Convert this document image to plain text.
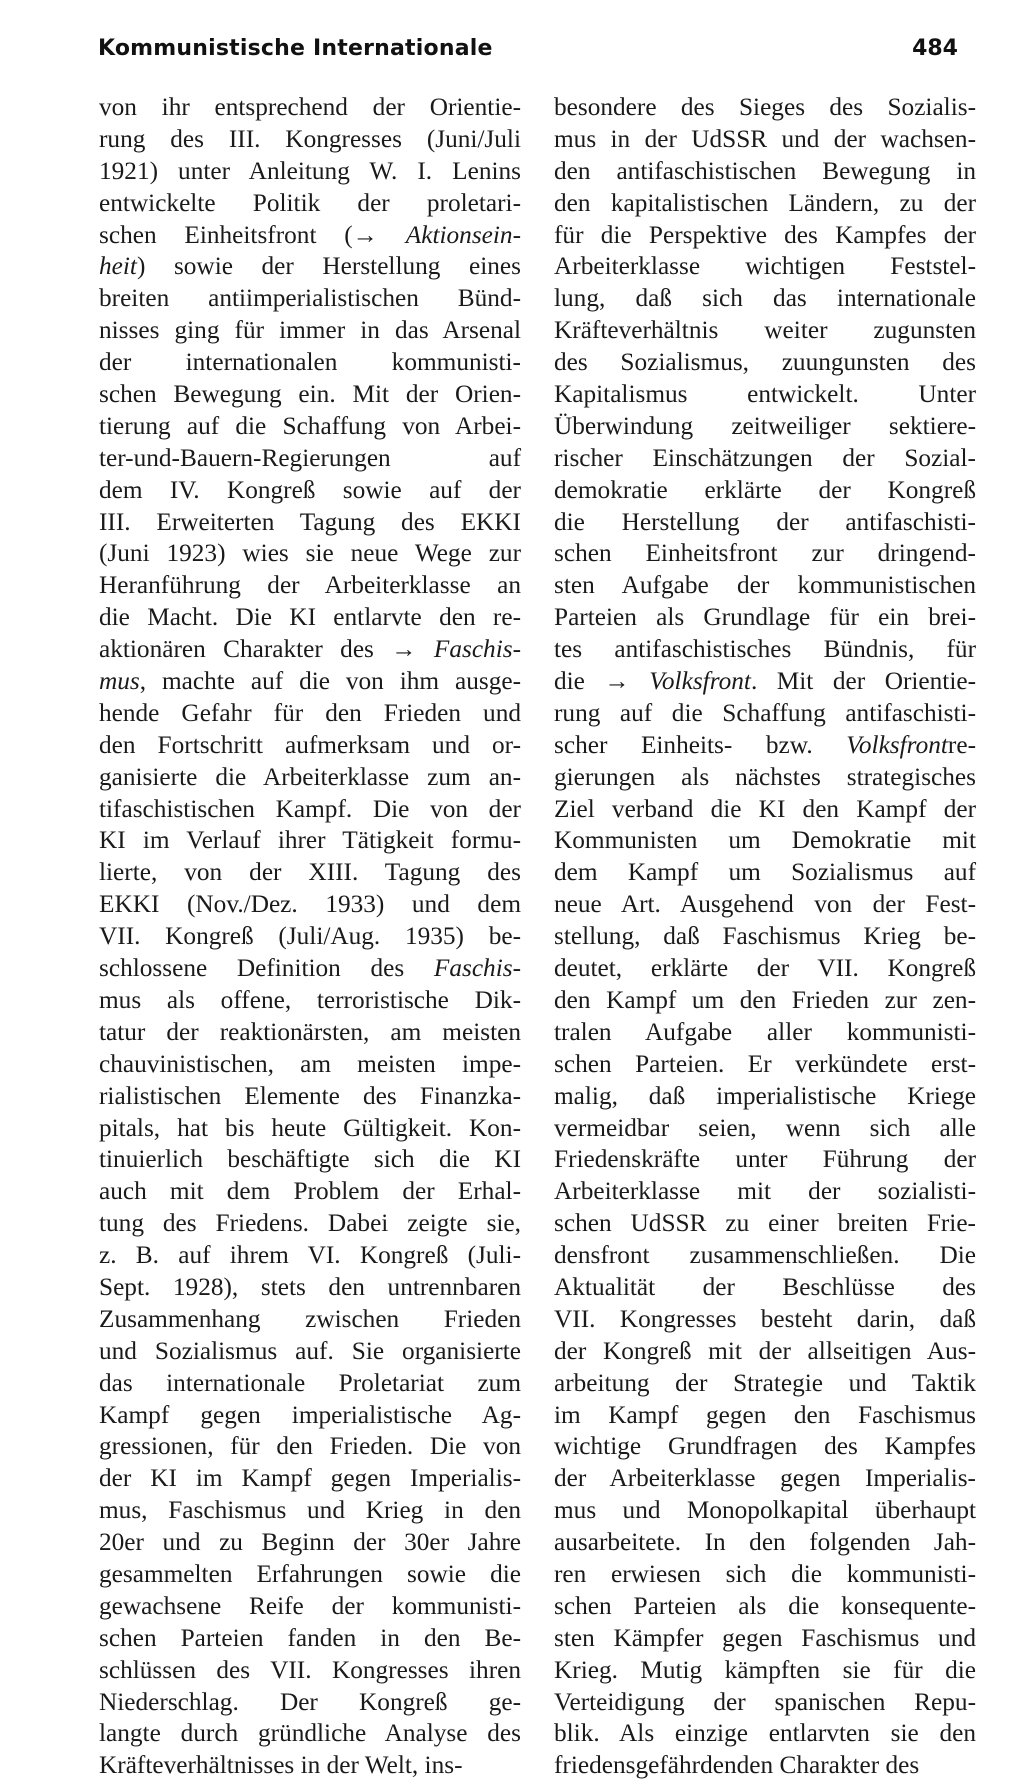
Kommunistische Internationale	484
von ihr entsprechend der Orientie-
rung des III. Kongresses (Juni/Juli
1921) unter Anleitung W. I. Lenins
entwickelte Politik der proletari-
schen Einheitsfront (→ Aktionsein-
heit) sowie der Herstellung eines
breiten antiimperialistischen Bünd-
nisses ging für immer in das Arsenal
der internationalen kommunisti-
schen Bewegung ein. Mit der Orien-
tierung auf die Schaffung von Arbei-
ter-und-Bauern-Regierungen auf
dem IV. Kongreß sowie auf der
III. Erweiterten Tagung des EKKI
(Juni 1923) wies sie neue Wege zur
Heranführung der Arbeiterklasse an
die Macht. Die KI entlarvte den re-
aktionären Charakter des → Faschis-
mus, machte auf die von ihm ausge-
hende Gefahr für den Frieden und
den Fortschritt aufmerksam und or-
ganisierte die Arbeiterklasse zum an-
tifaschistischen Kampf. Die von der
KI im Verlauf ihrer Tätigkeit formu-
lierte, von der XIII. Tagung des
EKKI (Nov./Dez. 1933) und dem
VII. Kongreß (Juli/Aug. 1935) be-
schlossene Definition des Faschis-
mus als offene, terroristische Dik-
tatur der reaktionärsten, am meisten
chauvinistischen, am meisten impe-
rialistischen Elemente des Finanzka-
pitals, hat bis heute Gültigkeit. Kon-
tinuierlich beschäftigte sich die KI
auch mit dem Problem der Erhal-
tung des Friedens. Dabei zeigte sie,
z. B. auf ihrem VI. Kongreß (Juli-
Sept. 1928), stets den untrennbaren
Zusammenhang zwischen Frieden
und Sozialismus auf. Sie organisierte
das internationale Proletariat zum
Kampf gegen imperialistische Ag-
gressionen, für den Frieden. Die von
der KI im Kampf gegen Imperialis-
mus, Faschismus und Krieg in den
20er und zu Beginn der 30er Jahre
gesammelten Erfahrungen sowie die
gewachsene Reife der kommunisti-
schen Parteien fanden in den Be-
schlüssen des VII. Kongresses ihren
Niederschlag. Der Kongreß ge-
langte durch gründliche Analyse des
Kräfteverhältnisses in der Welt, ins-
besondere des Sieges des Sozialis-
mus in der UdSSR und der wachsen-
den antifaschistischen Bewegung in
den kapitalistischen Ländern, zu der
für die Perspektive des Kampfes der
Arbeiterklasse wichtigen Feststel-
lung, daß sich das internationale
Kräfteverhältnis weiter zugunsten
des Sozialismus, zuungunsten des
Kapitalismus entwickelt. Unter
Überwindung zeitweiliger sektiere-
rischer Einschätzungen der Sozial-
demokratie erklärte der Kongreß
die Herstellung der antifaschisti-
schen Einheitsfront zur dringend-
sten Aufgabe der kommunistischen
Parteien als Grundlage für ein brei-
tes antifaschistisches Bündnis, für
die → Volksfront. Mit der Orientie-
rung auf die Schaffung antifaschisti-
scher Einheits- bzw. Volksfrontre-
gierungen als nächstes strategisches
Ziel verband die KI den Kampf der
Kommunisten um Demokratie mit
dem Kampf um Sozialismus auf
neue Art. Ausgehend von der Fest-
stellung, daß Faschismus Krieg be-
deutet, erklärte der VII. Kongreß
den Kampf um den Frieden zur zen-
tralen Aufgabe aller kommunisti-
schen Parteien. Er verkündete erst-
malig, daß imperialistische Kriege
vermeidbar seien, wenn sich alle
Friedenskräfte unter Führung der
Arbeiterklasse mit der sozialisti-
schen UdSSR zu einer breiten Frie-
densfront zusammenschließen. Die
Aktualität der Beschlüsse des
VII. Kongresses besteht darin, daß
der Kongreß mit der allseitigen Aus-
arbeitung der Strategie und Taktik
im Kampf gegen den Faschismus
wichtige Grundfragen des Kampfes
der Arbeiterklasse gegen Imperialis-
mus und Monopolkapital überhaupt
ausarbeitete. In den folgenden Jah-
ren erwiesen sich die kommunisti-
schen Parteien als die konsequente-
sten Kämpfer gegen Faschismus und
Krieg. Mutig kämpften sie für die
Verteidigung der spanischen Repu-
blik. Als einzige entlarvten sie den
friedensgefährdenden Charakter des
